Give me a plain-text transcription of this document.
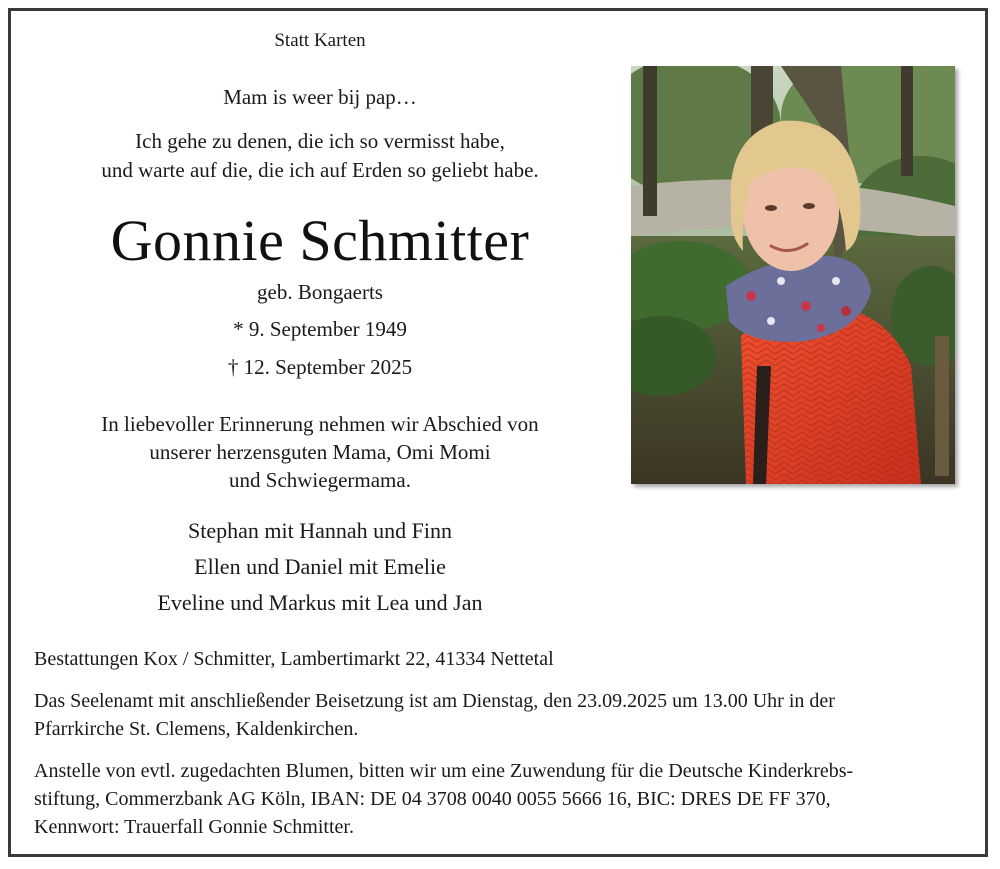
Statt Karten
Mam is weer bij pap…
Ich gehe zu denen, die ich so vermisst habe,
und warte auf die, die ich auf Erden so geliebt habe.
Gonnie Schmitter
geb. Bongaerts
* 9. September 1949
† 12. September 2025
In liebevoller Erinnerung nehmen wir Abschied von
unserer herzensguten Mama, Omi Momi
und Schwiegermama.
Stephan mit Hannah und Finn
Ellen und Daniel mit Emelie
Eveline und Markus mit Lea und Jan
Bestattungen Kox / Schmitter, Lambertimarkt 22, 41334 Nettetal
Das Seelenamt mit anschließender Beisetzung ist am Dienstag, den 23.09.2025 um 13.00 Uhr in der
Pfarrkirche St. Clemens, Kaldenkirchen.
Anstelle von evtl. zugedachten Blumen, bitten wir um eine Zuwendung für die Deutsche Kinderkrebs-
stiftung, Commerzbank AG Köln, IBAN: DE 04 3708 0040 0055 5666 16, BIC: DRES DE FF 370,
Kennwort: Trauerfall Gonnie Schmitter.
